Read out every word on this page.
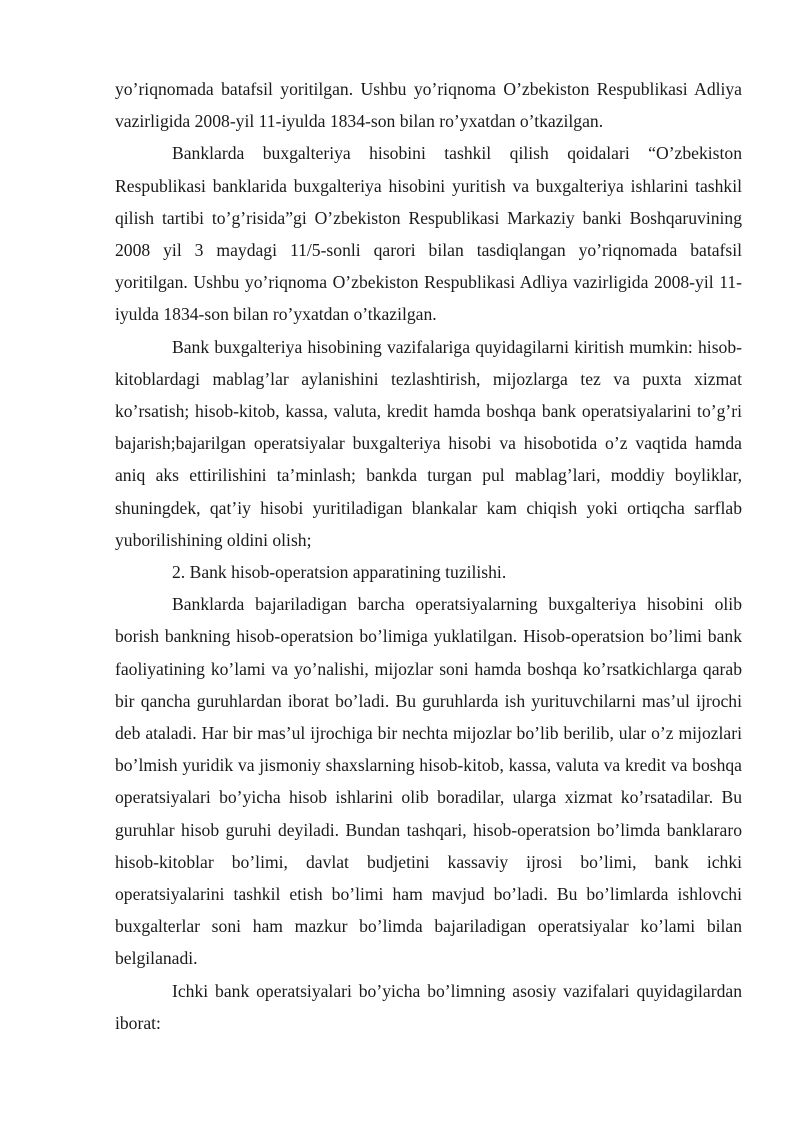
yo’riqnomada batafsil yoritilgan. Ushbu yo’riqnoma O’zbekiston Respublikasi Adliya vazirligida 2008-yil 11-iyulda 1834-son bilan ro’yxatdan o’tkazilgan.

Banklarda buxgalteriya hisobini tashkil qilish qoidalari “O’zbekiston Respublikasi banklarida buxgalteriya hisobini yuritish va buxgalteriya ishlarini tashkil qilish tartibi to’g’risida”gi O’zbekiston Respublikasi Markaziy banki Boshqaruvining 2008 yil 3 maydagi 11/5-sonli qarori bilan tasdiqlangan yo’riqnomada batafsil yoritilgan. Ushbu yo’riqnoma O’zbekiston Respublikasi Adliya vazirligida 2008-yil 11-iyulda 1834-son bilan ro’yxatdan o’tkazilgan.

Bank buxgalteriya hisobining vazifalariga quyidagilarni kiritish mumkin: hisob-kitoblardagi mablag’lar aylanishini tezlashtirish, mijozlarga tez va puxta xizmat ko’rsatish; hisob-kitob, kassa, valuta, kredit hamda boshqa bank operatsiyalarini to’g’ri bajarish;bajarilgan operatsiyalar buxgalteriya hisobi va hisobotida o’z vaqtida hamda aniq aks ettirilishini ta’minlash; bankda turgan pul mablag’lari, moddiy boyliklar, shuningdek, qat’iy hisobi yuritiladigan blankalar kam chiqish yoki ortiqcha sarflab yuborilishining oldini olish;

2. Bank hisob-operatsion apparatining tuzilishi.

Banklarda bajariladigan barcha operatsiyalarning buxgalteriya hisobini olib borish bankning hisob-operatsion bo’limiga yuklatilgan. Hisob-operatsion bo’limi bank faoliyatining ko’lami va yo’nalishi, mijozlar soni hamda boshqa ko’rsatkichlarga qarab bir qancha guruhlardan iborat bo’ladi. Bu guruhlarda ish yurituvchilarni mas’ul ijrochi deb ataladi. Har bir mas’ul ijrochiga bir nechta mijozlar bo’lib berilib, ular o’z mijozlari bo’lmish yuridik va jismoniy shaxslarning hisob-kitob, kassa, valuta va kredit va boshqa operatsiyalari bo’yicha hisob ishlarini olib boradilar, ularga xizmat ko’rsatadilar. Bu guruhlar hisob guruhi deyiladi. Bundan tashqari, hisob-operatsion bo’limda banklararo hisob-kitoblar bo’limi, davlat budjetini kassaviy ijrosi bo’limi, bank ichki operatsiyalarini tashkil etish bo’limi ham mavjud bo’ladi. Bu bo’limlarda ishlovchi buxgalterlar soni ham mazkur bo’limda bajariladigan operatsiyalar ko’lami bilan belgilanadi.

Ichki bank operatsiyalari bo’yicha bo’limning asosiy vazifalari quyidagilardan iborat:
